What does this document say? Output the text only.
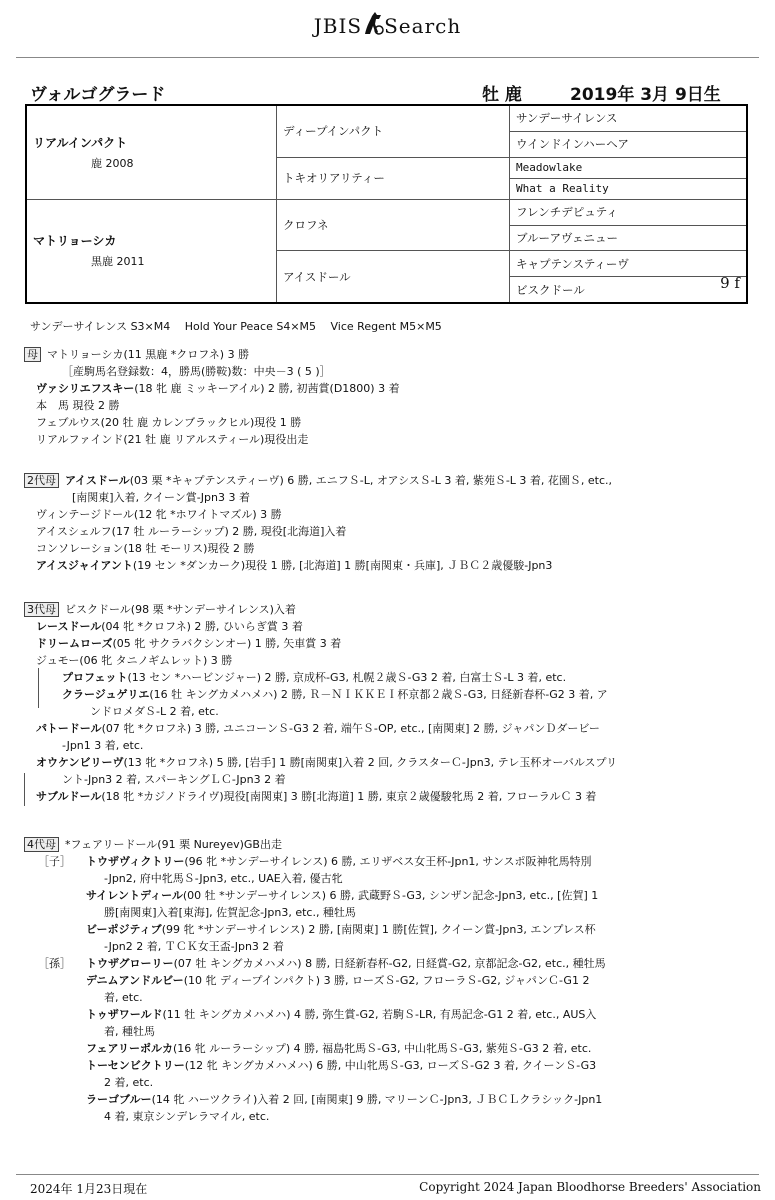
JBIS Search
ヴォルゴグラード	牡 鹿	2019年 3月 9日生
リアルインパクト
鹿 2008	ディープインパクト	サンデーサイレンス
		ウインドインハーヘア
	トキオリアリティー	Meadowlake
		What a Reality

マトリョーシカ
黒鹿 2011	クロフネ	フレンチデピュティ
		ブルーアヴェニュー
	アイスドール	キャプテンスティーヴ
		ビスクドール 9 f
サンデーサイレンス S3×M4　 Hold Your Peace S4×M5　 Vice Regent M5×M5
母 マトリョーシカ(11 黒鹿 *クロフネ) 3 勝
［産駒馬名登録数：4，勝馬(勝鞍)数：中央－3 ( 5 )］
ヴァシリエフスキー(18 牝 鹿 ミッキーアイル) 2 勝, 初茜賞(D1800) 3 着
本　馬 現役 2 勝
フェブルウス(20 牡 鹿 カレンブラックヒル)現役 1 勝
リアルファインド(21 牡 鹿 リアルスティール)現役出走
2代母 アイスドール(03 栗 *キャプテンスティーヴ) 6 勝, エニフＳ-L, オアシスＳ-L 3 着, 紫苑Ｓ-L 3 着, 花園Ｓ, etc.,
[南関東]入着, クイーン賞-Jpn3 3 着
ヴィンテージドール(12 牝 *ホワイトマズル) 3 勝
アイスシェルフ(17 牡 ルーラーシップ) 2 勝, 現役[北海道]入着
コンソレーション(18 牡 モーリス)現役 2 勝
アイスジャイアント(19 セン *ダンカーク)現役 1 勝, [北海道] 1 勝[南関東・兵庫], ＪＢＣ２歳優駿-Jpn3
3代母 ビスクドール(98 栗 *サンデーサイレンス)入着
レースドール(04 牝 *クロフネ) 2 勝, ひいらぎ賞 3 着
ドリームローズ(05 牝 サクラバクシンオー) 1 勝, 矢車賞 3 着
ジュモー(06 牝 タニノギムレット) 3 勝
プロフェット(13 セン *ハービンジャー) 2 勝, 京成杯-G3, 札幌２歳Ｓ-G3 2 着, 白富士Ｓ-L 3 着, etc.
クラージュゲリエ(16 牡 キングカメハメハ) 2 勝, Ｒ－ＮＩＫＫＥＩ杯京都２歳Ｓ-G3, 日経新春杯-G2 3 着, ア
ンドロメダＳ-L 2 着, etc.
パトードール(07 牝 *クロフネ) 3 勝, ユニコーンＳ-G3 2 着, 端午Ｓ-OP, etc., [南関東] 2 勝, ジャパンＤダービー
-Jpn1 3 着, etc.
オウケンビリーヴ(13 牝 *クロフネ) 5 勝, [岩手] 1 勝[南関東]入着 2 回, クラスターＣ-Jpn3, テレ玉杯オーバルスプリ
ント-Jpn3 2 着, スパーキングＬＣ-Jpn3 2 着
サブルドール(18 牝 *カジノドライヴ)現役[南関東] 3 勝[北海道] 1 勝, 東京２歳優駿牝馬 2 着, フローラルＣ 3 着
4代母 *フェアリードール(91 栗 Nureyev)GB出走
［子］ トウザヴィクトリー(96 牝 *サンデーサイレンス) 6 勝, エリザベス女王杯-Jpn1, サンスポ阪神牝馬特別
-Jpn2, 府中牝馬Ｓ-Jpn3, etc., UAE入着, 優古牝
サイレントディール(00 牡 *サンデーサイレンス) 6 勝, 武蔵野Ｓ-G3, シンザン記念-Jpn3, etc., [佐賀] 1
勝[南関東]入着[東海], 佐賀記念-Jpn3, etc., 種牡馬
ビーポジティブ(99 牝 *サンデーサイレンス) 2 勝, [南関東] 1 勝[佐賀], クイーン賞-Jpn3, エンプレス杯
-Jpn2 2 着, ＴＣＫ女王盃-Jpn3 2 着
［孫］ トウザグローリー(07 牡 キングカメハメハ) 8 勝, 日経新春杯-G2, 日経賞-G2, 京都記念-G2, etc., 種牡馬
デニムアンドルビー(10 牝 ディープインパクト) 3 勝, ローズＳ-G2, フローラＳ-G2, ジャパンＣ-G1 2
着, etc.
トゥザワールド(11 牡 キングカメハメハ) 4 勝, 弥生賞-G2, 若駒Ｓ-LR, 有馬記念-G1 2 着, etc., AUS入
着, 種牡馬
フェアリーポルカ(16 牝 ルーラーシップ) 4 勝, 福島牝馬Ｓ-G3, 中山牝馬Ｓ-G3, 紫苑Ｓ-G3 2 着, etc.
トーセンビクトリー(12 牝 キングカメハメハ) 6 勝, 中山牝馬Ｓ-G3, ローズＳ-G2 3 着, クイーンＳ-G3
2 着, etc.
ラーゴブルー(14 牝 ハーツクライ)入着 2 回, [南関東] 9 勝, マリーンＣ-Jpn3, ＪＢＣＬクラシック-Jpn1
4 着, 東京シンデレラマイル, etc.
2024年 1月23日現在	Copyright 2024 Japan Bloodhorse Breeders' Association
